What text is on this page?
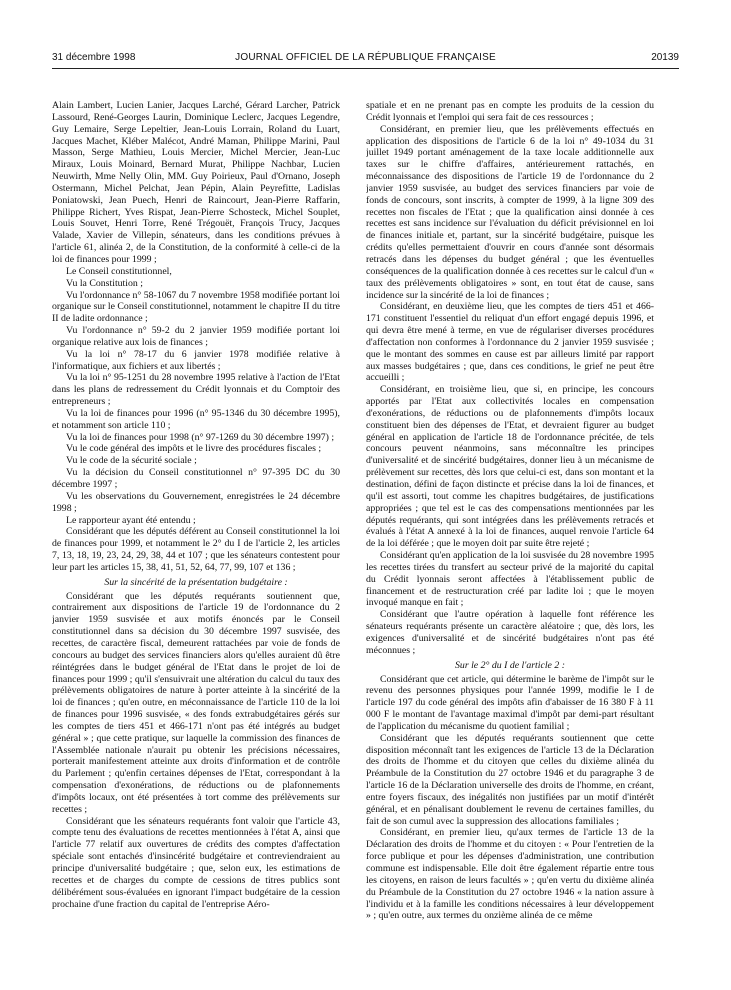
31 décembre 1998	JOURNAL OFFICIEL DE LA RÉPUBLIQUE FRANÇAISE	20139

Alain Lambert, Lucien Lanier, Jacques Larché, Gérard Larcher, Patrick Lassourd, René-Georges Laurin, Dominique Leclerc, Jacques Legendre, Guy Lemaire, Serge Lepeltier, Jean-Louis Lorrain, Roland du Luart, Jacques Machet, Kléber Malécot, André Maman, Philippe Marini, Paul Masson, Serge Mathieu, Louis Mercier, Michel Mercier, Jean-Luc Miraux, Louis Moinard, Bernard Murat, Philippe Nachbar, Lucien Neuwirth, Mme Nelly Olin, MM. Guy Poirieux, Paul d'Ornano, Joseph Ostermann, Michel Pelchat, Jean Pépin, Alain Peyrefitte, Ladislas Poniatowski, Jean Puech, Henri de Raincourt, Jean-Pierre Raffarin, Philippe Richert, Yves Rispat, Jean-Pierre Schosteck, Michel Souplet, Louis Souvet, Henri Torre, René Trégouët, François Trucy, Jacques Valade, Xavier de Villepin, sénateurs, dans les conditions prévues à l'article 61, alinéa 2, de la Constitution, de la conformité à celle-ci de la loi de finances pour 1999 ;

Le Conseil constitutionnel,

Vu la Constitution ;

Vu l'ordonnance n° 58-1067 du 7 novembre 1958 modifiée portant loi organique sur le Conseil constitutionnel, notamment le chapitre II du titre II de ladite ordonnance ;

Vu l'ordonnance n° 59-2 du 2 janvier 1959 modifiée portant loi organique relative aux lois de finances ;

Vu la loi n° 78-17 du 6 janvier 1978 modifiée relative à l'informatique, aux fichiers et aux libertés ;

Vu la loi n° 95-1251 du 28 novembre 1995 relative à l'action de l'Etat dans les plans de redressement du Crédit lyonnais et du Comptoir des entrepreneurs ;

Vu la loi de finances pour 1996 (n° 95-1346 du 30 décembre 1995), et notamment son article 110 ;

Vu la loi de finances pour 1998 (n° 97-1269 du 30 décembre 1997) ;

Vu le code général des impôts et le livre des procédures fiscales ;

Vu le code de la sécurité sociale ;

Vu la décision du Conseil constitutionnel n° 97-395 DC du 30 décembre 1997 ;

Vu les observations du Gouvernement, enregistrées le 24 décembre 1998 ;

Le rapporteur ayant été entendu ;

Considérant que les députés déférent au Conseil constitutionnel la loi de finances pour 1999, et notamment le 2° du I de l'article 2, les articles 7, 13, 18, 19, 23, 24, 29, 38, 44 et 107 ; que les sénateurs contestent pour leur part les articles 15, 38, 41, 51, 52, 64, 77, 99, 107 et 136 ;

Sur la sincérité de la présentation budgétaire :

Considérant que les députés requérants soutiennent que, contrairement aux dispositions de l'article 19 de l'ordonnance du 2 janvier 1959 susvisée et aux motifs énoncés par le Conseil constitutionnel dans sa décision du 30 décembre 1997 susvisée, des recettes, de caractère fiscal, demeurent rattachées par voie de fonds de concours au budget des services financiers alors qu'elles auraient dû être réintégrées dans le budget général de l'Etat dans le projet de loi de finances pour 1999 ; qu'il s'ensuivrait une altération du calcul du taux des prélèvements obligatoires de nature à porter atteinte à la sincérité de la loi de finances ; qu'en outre, en méconnaissance de l'article 110 de la loi de finances pour 1996 susvisée, « des fonds extrabudgétaires gérés sur les comptes de tiers 451 et 466-171 n'ont pas été intégrés au budget général » ; que cette pratique, sur laquelle la commission des finances de l'Assemblée nationale n'aurait pu obtenir les précisions nécessaires, porterait manifestement atteinte aux droits d'information et de contrôle du Parlement ; qu'enfin certaines dépenses de l'Etat, correspondant à la compensation d'exonérations, de réductions ou de plafonnements d'impôts locaux, ont été présentées à tort comme des prélèvements sur recettes ;

Considérant que les sénateurs requérants font valoir que l'article 43, compte tenu des évaluations de recettes mentionnées à l'état A, ainsi que l'article 77 relatif aux ouvertures de crédits des comptes d'affectation spéciale sont entachés d'insincérité budgétaire et contreviendraient au principe d'universalité budgétaire ; que, selon eux, les estimations de recettes et de charges du compte de cessions de titres publics sont délibérément sous-évaluées en ignorant l'impact budgétaire de la cession prochaine d'une fraction du capital de l'entreprise Aéro-

spatiale et en ne prenant pas en compte les produits de la cession du Crédit lyonnais et l'emploi qui sera fait de ces ressources ;

Considérant, en premier lieu, que les prélèvements effectués en application des dispositions de l'article 6 de la loi n° 49-1034 du 31 juillet 1949 portant aménagement de la taxe locale additionnelle aux taxes sur le chiffre d'affaires, antérieurement rattachés, en méconnaissance des dispositions de l'article 19 de l'ordonnance du 2 janvier 1959 susvisée, au budget des services financiers par voie de fonds de concours, sont inscrits, à compter de 1999, à la ligne 309 des recettes non fiscales de l'Etat ; que la qualification ainsi donnée à ces recettes est sans incidence sur l'évaluation du déficit prévisionnel en loi de finances initiale et, partant, sur la sincérité budgétaire, puisque les crédits qu'elles permettaient d'ouvrir en cours d'année sont désormais retracés dans les dépenses du budget général ; que les éventuelles conséquences de la qualification donnée à ces recettes sur le calcul d'un « taux des prélèvements obligatoires » sont, en tout état de cause, sans incidence sur la sincérité de la loi de finances ;

Considérant, en deuxième lieu, que les comptes de tiers 451 et 466-171 constituent l'essentiel du reliquat d'un effort engagé depuis 1996, et qui devra être mené à terme, en vue de régulariser diverses procédures d'affectation non conformes à l'ordonnance du 2 janvier 1959 susvisée ; que le montant des sommes en cause est par ailleurs limité par rapport aux masses budgétaires ; que, dans ces conditions, le grief ne peut être accueilli ;

Considérant, en troisième lieu, que si, en principe, les concours apportés par l'Etat aux collectivités locales en compensation d'exonérations, de réductions ou de plafonnements d'impôts locaux constituent bien des dépenses de l'Etat, et devraient figurer au budget général en application de l'article 18 de l'ordonnance précitée, de tels concours peuvent néanmoins, sans méconnaître les principes d'universalité et de sincérité budgétaires, donner lieu à un mécanisme de prélèvement sur recettes, dès lors que celui-ci est, dans son montant et la destination, défini de façon distincte et précise dans la loi de finances, et qu'il est assorti, tout comme les chapitres budgétaires, de justifications appropriées ; que tel est le cas des compensations mentionnées par les députés requérants, qui sont intégrées dans les prélèvements retracés et évalués à l'état A annexé à la loi de finances, auquel renvoie l'article 64 de la loi déférée ; que le moyen doit par suite être rejeté ;

Considérant qu'en application de la loi susvisée du 28 novembre 1995 les recettes tirées du transfert au secteur privé de la majorité du capital du Crédit lyonnais seront affectées à l'établissement public de financement et de restructuration créé par ladite loi ; que le moyen invoqué manque en fait ;

Considérant que l'autre opération à laquelle font référence les sénateurs requérants présente un caractère aléatoire ; que, dès lors, les exigences d'universalité et de sincérité budgétaires n'ont pas été méconnues ;

Sur le 2° du I de l'article 2 :

Considérant que cet article, qui détermine le barème de l'impôt sur le revenu des personnes physiques pour l'année 1999, modifie le I de l'article 197 du code général des impôts afin d'abaisser de 16 380 F à 11 000 F le montant de l'avantage maximal d'impôt par demi-part résultant de l'application du mécanisme du quotient familial ;

Considérant que les députés requérants soutiennent que cette disposition méconnaît tant les exigences de l'article 13 de la Déclaration des droits de l'homme et du citoyen que celles du dixième alinéa du Préambule de la Constitution du 27 octobre 1946 et du paragraphe 3 de l'article 16 de la Déclaration universelle des droits de l'homme, en créant, entre foyers fiscaux, des inégalités non justifiées par un motif d'intérêt général, et en pénalisant doublement le revenu de certaines familles, du fait de son cumul avec la suppression des allocations familiales ;

Considérant, en premier lieu, qu'aux termes de l'article 13 de la Déclaration des droits de l'homme et du citoyen : « Pour l'entretien de la force publique et pour les dépenses d'administration, une contribution commune est indispensable. Elle doit être également répartie entre tous les citoyens, en raison de leurs facultés » ; qu'en vertu du dixième alinéa du Préambule de la Constitution du 27 octobre 1946 « la nation assure à l'individu et à la famille les conditions nécessaires à leur développement » ; qu'en outre, aux termes du onzième alinéa de ce même
